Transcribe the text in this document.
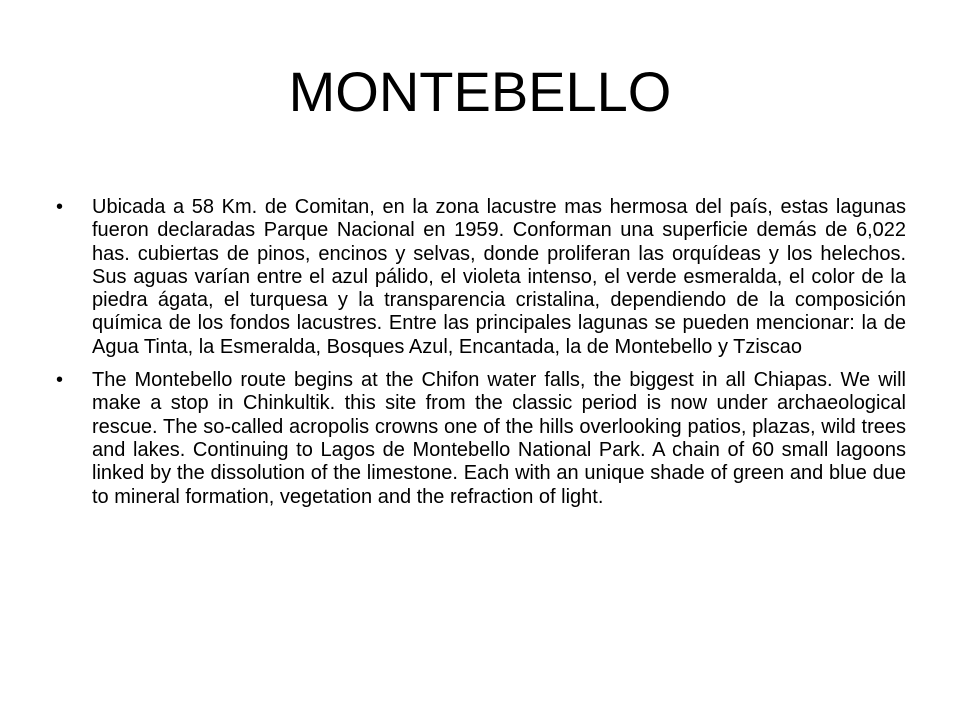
MONTEBELLO
•	Ubicada a 58 Km. de Comitan, en la zona lacustre mas hermosa del país, estas lagunas fueron declaradas Parque Nacional en 1959. Conforman una superficie demás de 6,022 has. cubiertas de pinos, encinos y selvas, donde proliferan las orquídeas y los helechos. Sus aguas varían entre el azul pálido, el violeta intenso, el verde esmeralda, el color de la piedra ágata, el turquesa y la transparencia cristalina, dependiendo de la composición química de los fondos lacustres. Entre las principales lagunas se pueden mencionar: la de Agua Tinta, la Esmeralda, Bosques Azul, Encantada, la de Montebello y Tziscao
•	The Montebello route begins at the Chifon water falls, the biggest in all Chiapas. We will make a stop in Chinkultik. this site from the classic period is now under archaeological rescue. The so-called acropolis crowns one of the hills overlooking patios, plazas, wild trees and lakes. Continuing to Lagos de Montebello National Park. A chain of 60 small lagoons linked by the dissolution of the limestone. Each with an unique shade of green and blue due to mineral formation, vegetation and the refraction of light.
